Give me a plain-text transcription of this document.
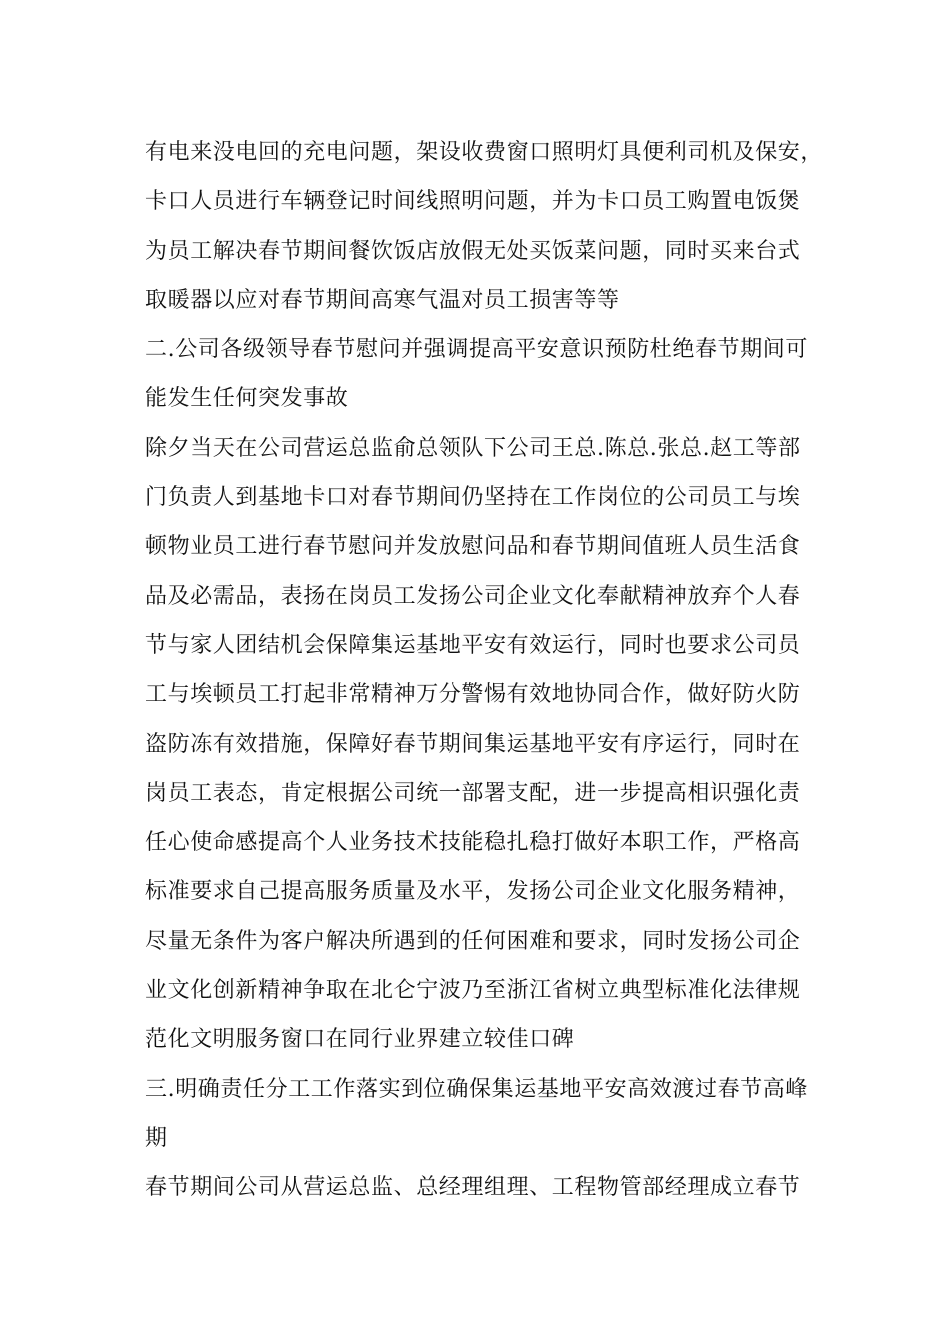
有电来没电回的充电问题，架设收费窗口照明灯具便利司机及保安，
卡口人员进行车辆登记时间线照明问题，并为卡口员工购置电饭煲
为员工解决春节期间餐饮饭店放假无处买饭菜问题，同时买来台式
取暖器以应对春节期间高寒气温对员工损害等等
二.公司各级领导春节慰问并强调提高平安意识预防杜绝春节期间可
能发生任何突发事故
除夕当天在公司营运总监俞总领队下公司王总.陈总.张总.赵工等部
门负责人到基地卡口对春节期间仍坚持在工作岗位的公司员工与埃
顿物业员工进行春节慰问并发放慰问品和春节期间值班人员生活食
品及必需品，表扬在岗员工发扬公司企业文化奉献精神放弃个人春
节与家人团结机会保障集运基地平安有效运行，同时也要求公司员
工与埃顿员工打起非常精神万分警惕有效地协同合作，做好防火防
盗防冻有效措施，保障好春节期间集运基地平安有序运行，同时在
岗员工表态，肯定根据公司统一部署支配，进一步提高相识强化责
任心使命感提高个人业务技术技能稳扎稳打做好本职工作，严格高
标准要求自己提高服务质量及水平，发扬公司企业文化服务精神，
尽量无条件为客户解决所遇到的任何困难和要求，同时发扬公司企
业文化创新精神争取在北仑宁波乃至浙江省树立典型标准化法律规
范化文明服务窗口在同行业界建立较佳口碑
三.明确责任分工工作落实到位确保集运基地平安高效渡过春节高峰
期
春节期间公司从营运总监、总经理组理、工程物管部经理成立春节
